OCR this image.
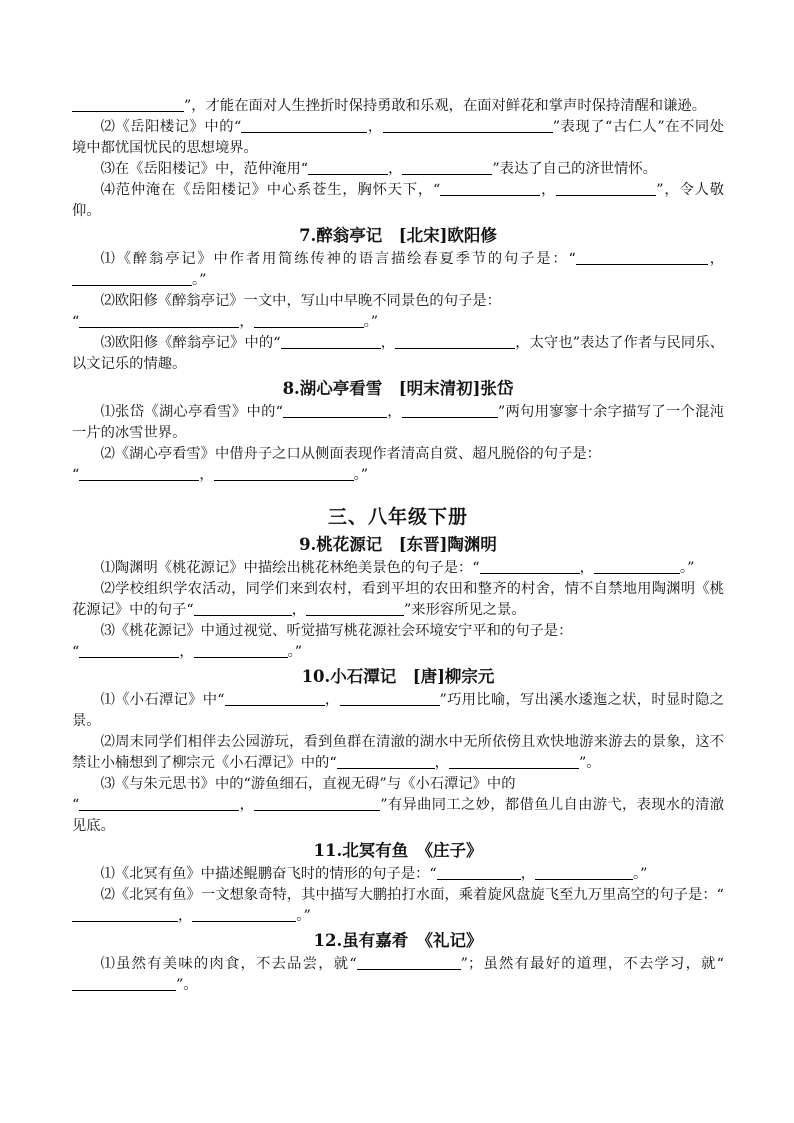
”，才能在面对人生挫折时保持勇敢和乐观，在面对鲜花和掌声时保持清醒和谦逊。

⑵《岳阳楼记》中的“	，	”表现了“古仁人”在不同处境中都忧国忧民的思想境界。

⑶在《岳阳楼记》中，范仲淹用“	，	”表达了自己的济世情怀。

⑷范仲淹在《岳阳楼记》中心系苍生，胸怀天下，“	，	”，令人敬仰。

7.醉翁亭记　[北宋]欧阳修

⑴《醉翁亭记》中作者用简练传神的语言描绘春夏季节的句子是：“	，。”

⑵欧阳修《醉翁亭记》一文中，写山中早晚不同景色的句子是：

“	，	。”

⑶欧阳修《醉翁亭记》中的“	，	，太守也”表达了作者与民同乐、以文记乐的情趣。

8.湖心亭看雪　[明末清初]张岱

⑴张岱《湖心亭看雪》中的“	，	”两句用寥寥十余字描写了一个混沌一片的冰雪世界。

⑵《湖心亭看雪》中借舟子之口从侧面表现作者清高自赏、超凡脱俗的句子是：

“	，	。”

三、八年级下册

9.桃花源记　[东晋]陶渊明

⑴陶渊明《桃花源记》中描绘出桃花林绝美景色的句子是：“	，	。”

⑵学校组织学农活动，同学们来到农村，看到平坦的农田和整齐的村舍，情不自禁地用陶渊明《桃花源记》中的句子“	，	”来形容所见之景。

⑶《桃花源记》中通过视觉、听觉描写桃花源社会环境安宁平和的句子是：

“	，	。”

10.小石潭记　[唐]柳宗元

⑴《小石潭记》中“	，	”巧用比喻，写出溪水逶迤之状，时显时隐之景。

⑵周末同学们相伴去公园游玩，看到鱼群在清澈的湖水中无所依傍且欢快地游来游去的景象，这不禁让小楠想到了柳宗元《小石潭记》中的“	，	”。

⑶《与朱元思书》中的“游鱼细石，直视无碍”与《小石潭记》中的

“	，	”有异曲同工之妙，都借鱼儿自由游弋，表现水的清澈见底。

11.北冥有鱼　《庄子》

⑴《北冥有鱼》中描述鲲鹏奋飞时的情形的句子是：“	，	。”

⑵《北冥有鱼》一文想象奇特，其中描写大鹏拍打水面，乘着旋风盘旋飞至九万里高空的句子是：“，	。”

12.虽有嘉肴　《礼记》

⑴虽然有美味的肉食，不去品尝，就“	”；虽然有最好的道理，不去学习，就“”。
